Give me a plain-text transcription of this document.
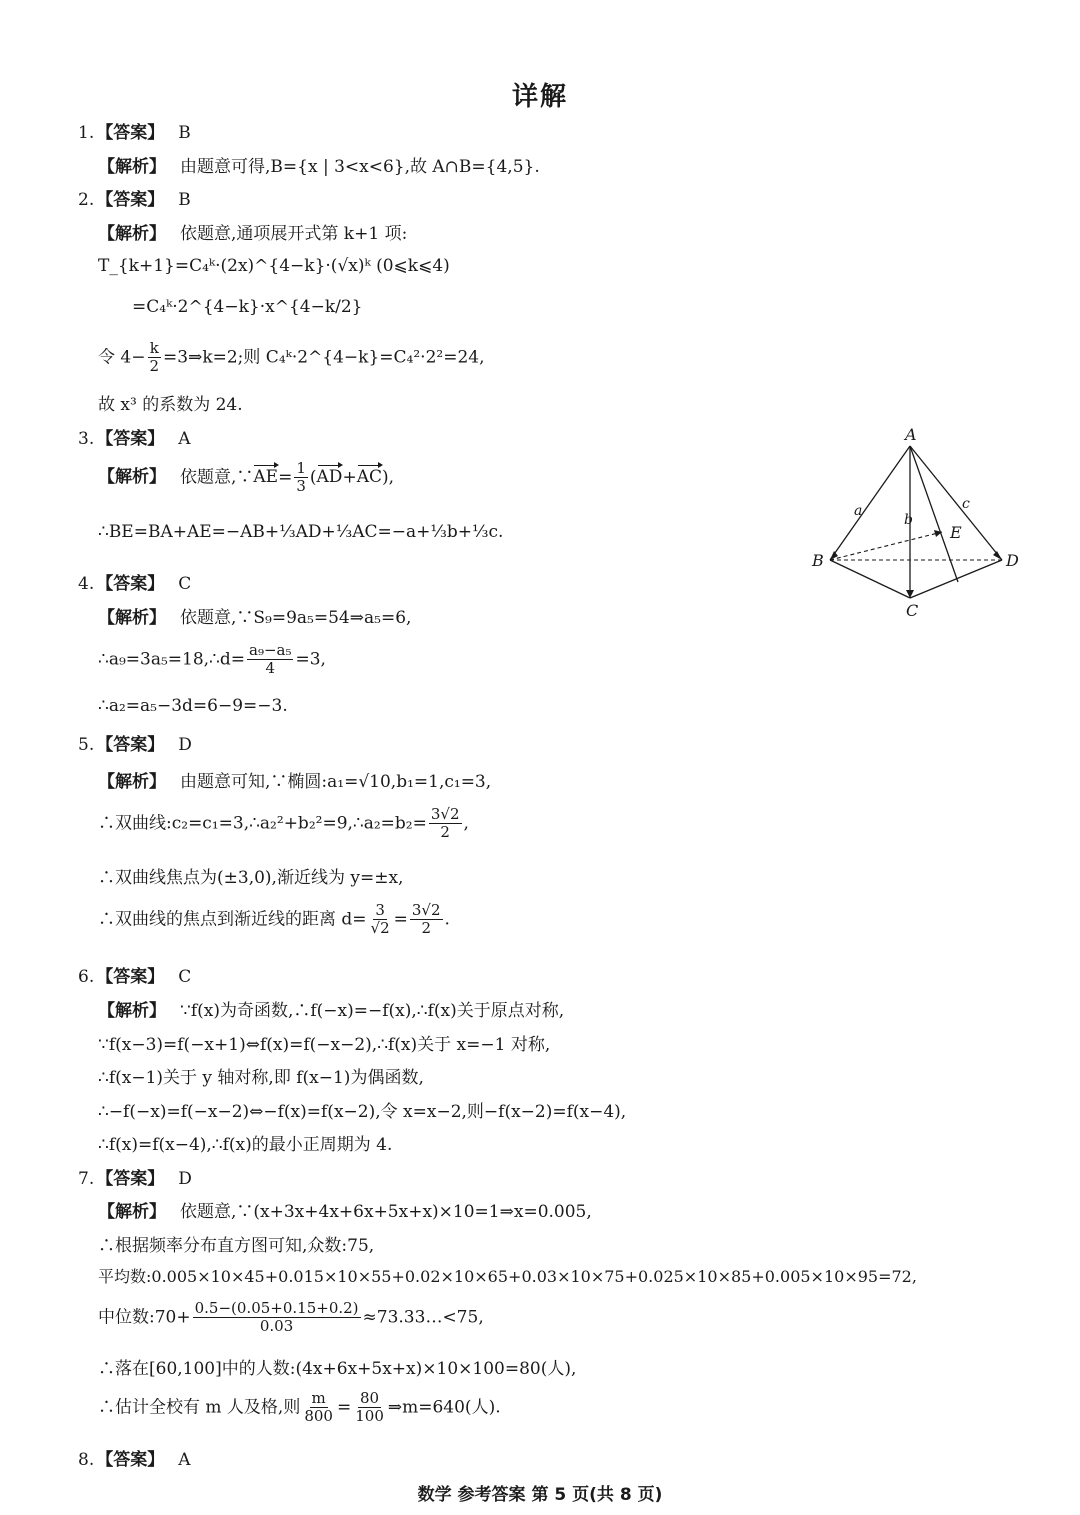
详解
1. 【答案】 B
【解析】 由题意可得,B={x | 3<x<6},故 A∩B={4,5}.
2. 【答案】 B
【解析】 依题意,通项展开式第 k+1 项:
T_{k+1}=C₄ᵏ·(2x)^{4−k}·(√x)ᵏ (0⩽k⩽4)
=C₄ᵏ·2^{4−k}·x^{4−k/2}
令 $4- \frac{k}{2}$ =3⇒k=2;则 C₄ᵏ·2^{4−k}=C₄²·2²=24,
故 x³ 的系数为 24.
3. 【答案】 A
【解析】 依题意,∵AE= $\frac{1}{3} (AD+AC)$,
∴BE=BA+AE=−AB+⅓AD+⅓AC=−a+⅓b+⅓c.
A
B
C
D
E
a
b
c
4. 【答案】 C
【解析】 依题意,∵S₉=9a₅=54⇒a₅=6,
∴a₉=3a₅=18,∴d= $\frac{\text{a₉−a₅}}{4} =3$,
∴a₂=a₅−3d=6−9=−3.
5. 【答案】 D
【解析】 由题意可知,∵椭圆:a₁=√10,b₁=1,c₁=3,
∴双曲线:c₂=c₁=3,∴a₂²+b₂²=9,∴a₂=b₂= $\frac{3√2}{2}$ ,
∴双曲线焦点为(±3,0),渐近线为 y=±x,
∴双曲线的焦点到渐近线的距离 $d= \frac{3}{√2} = \frac{3√2}{2}$ .
6. 【答案】 C
【解析】 ∵f(x)为奇函数,∴f(−x)=−f(x),∴f(x)关于原点对称,
∵f(x−3)=f(−x+1)⇔f(x)=f(−x−2),∴f(x)关于 x=−1 对称,
∴f(x−1)关于 y 轴对称,即 f(x−1)为偶函数,
∴−f(−x)=f(−x−2)⇔−f(x)=f(x−2),令 x=x−2,则−f(x−2)=f(x−4),
∴f(x)=f(x−4),∴f(x)的最小正周期为 4.
7. 【答案】 D
【解析】 依题意,∵(x+3x+4x+6x+5x+x)×10=1⇒x=0.005,
∴根据频率分布直方图可知,众数:75,
平均数:0.005×10×45+0.015×10×55+0.02×10×65+0.03×10×75+0.025×10×85+0.005×10×95=72,
中位数:70+ $\frac{0.5-(0.05+0.15+0.2)}{0.03}$ ≈73.33…<75,
∴落在[60,100]中的人数:(4x+6x+5x+x)×10×100=80(人),
∴估计全校有 m 人及格,则 $\frac{m}{800} = \frac{80}{100}$ ⇒m=640(人).
8. 【答案】 A
数学 参考答案 第 5 页(共 8 页)
